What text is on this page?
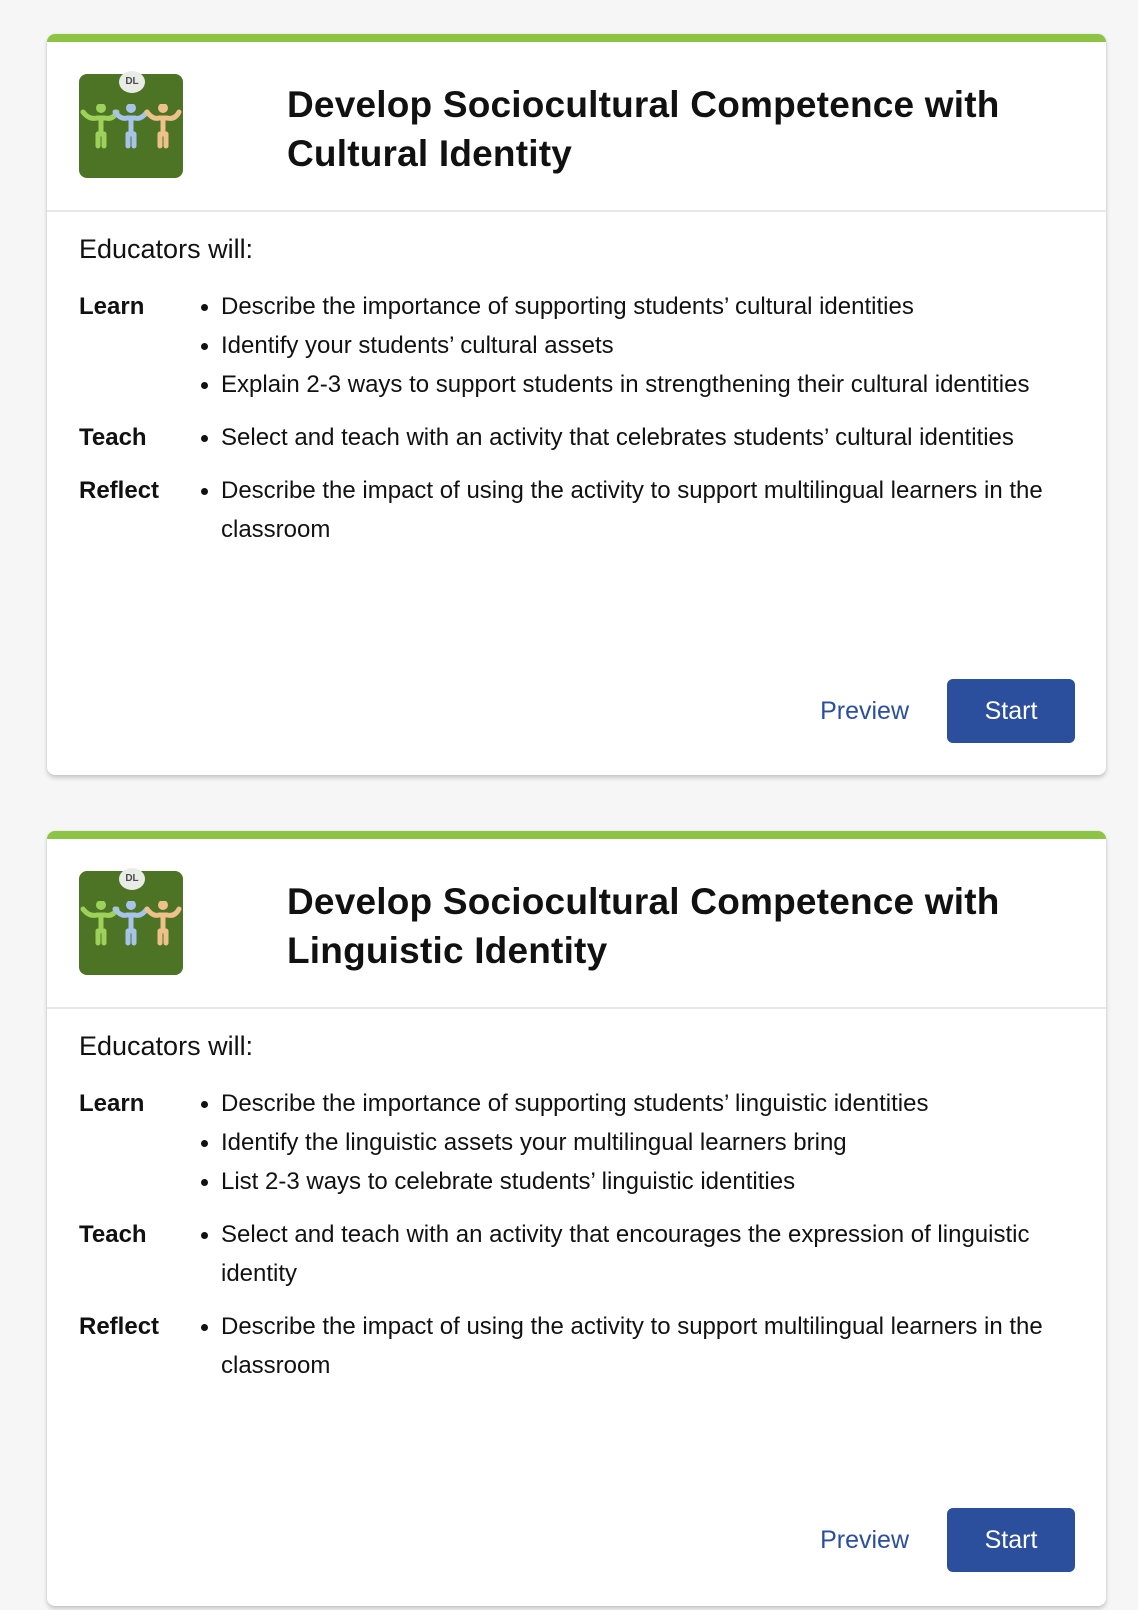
DL
Develop Sociocultural Competence with Cultural Identity
Educators will:
Learn	Describe the importance of supporting students’ cultural identities
Identify your students’ cultural assets
Explain 2-3 ways to support students in strengthening their cultural identities
Teach	Select and teach with an activity that celebrates students’ cultural identities
Reflect	Describe the impact of using the activity to support multilingual learners in the classroom
Preview	Start
DL
Develop Sociocultural Competence with Linguistic Identity
Educators will:
Learn	Describe the importance of supporting students’ linguistic identities
Identify the linguistic assets your multilingual learners bring
List 2-3 ways to celebrate students’ linguistic identities
Teach	Select and teach with an activity that encourages the expression of linguistic identity
Reflect	Describe the impact of using the activity to support multilingual learners in the classroom
Preview	Start
